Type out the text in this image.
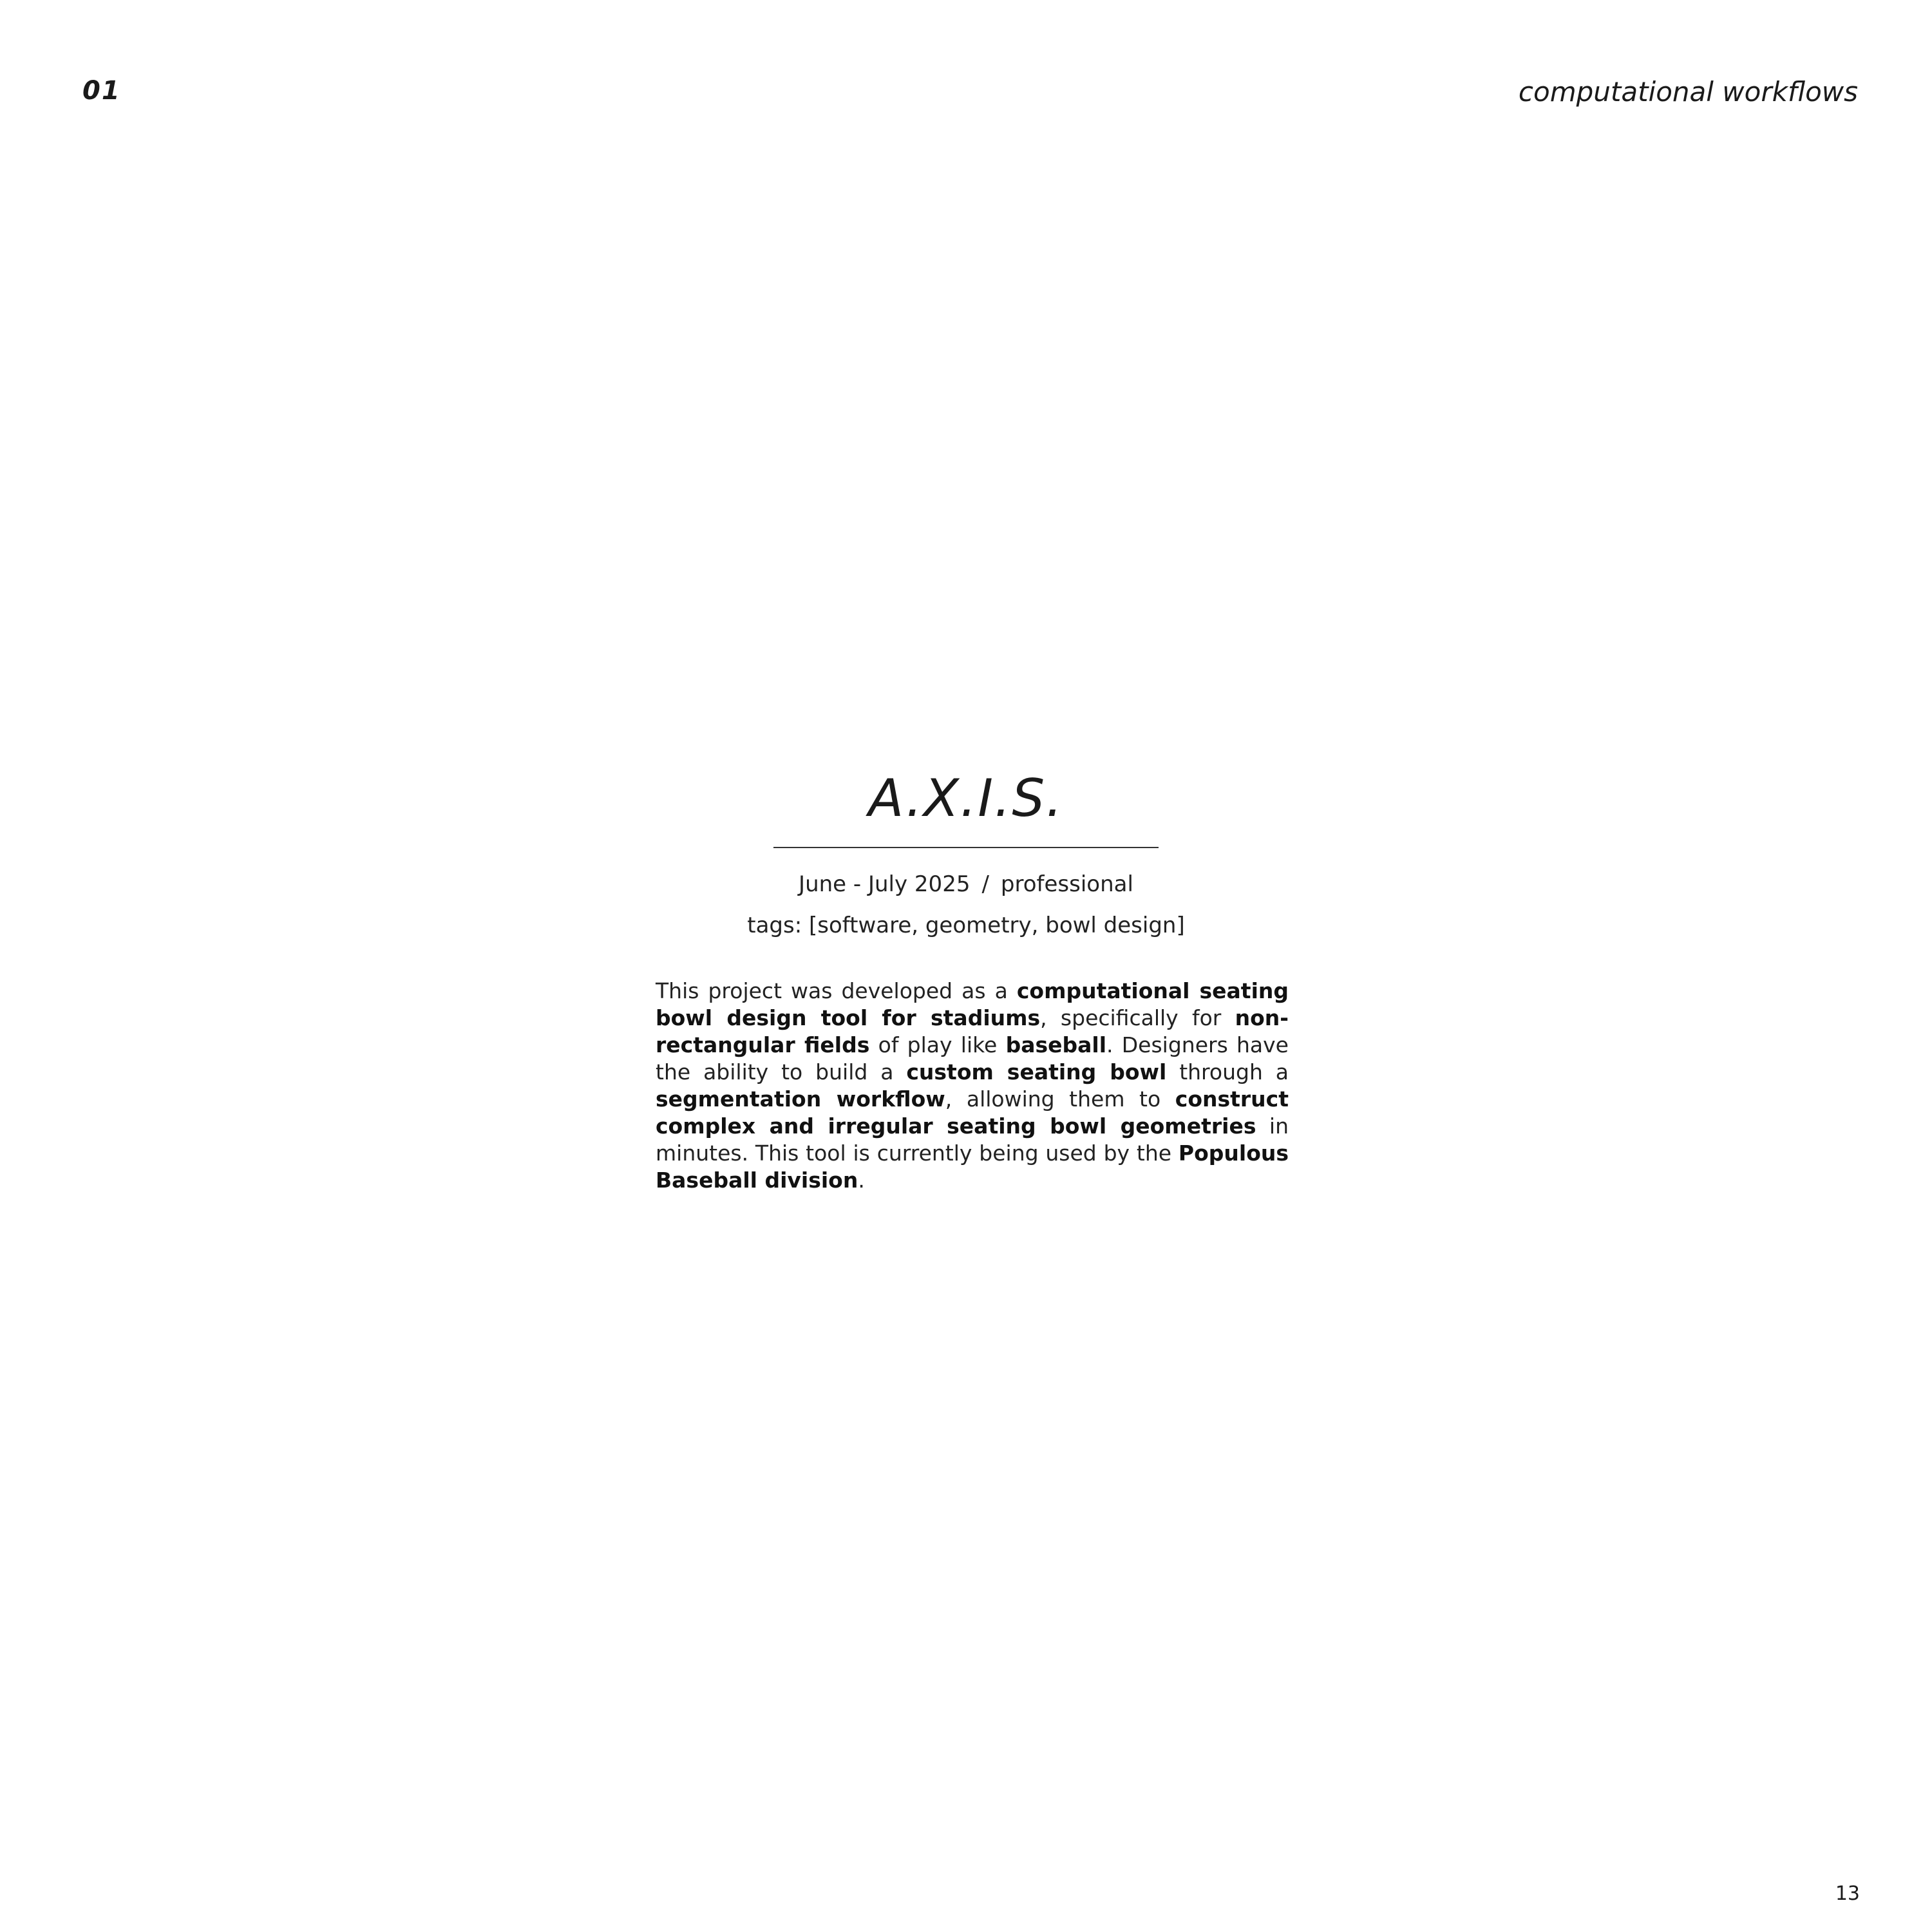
01	computational workflows
A.X.I.S.
June - July 2025 / professional
tags: [software, geometry, bowl design]
This project was developed as a computational seating bowl design tool for stadiums, specifically for non-rectangular fields of play like baseball. Designers have the ability to build a custom seating bowl through a segmentation workflow, allowing them to construct complex and irregular seating bowl geometries in minutes. This tool is currently being used by the Populous Baseball division.
13
